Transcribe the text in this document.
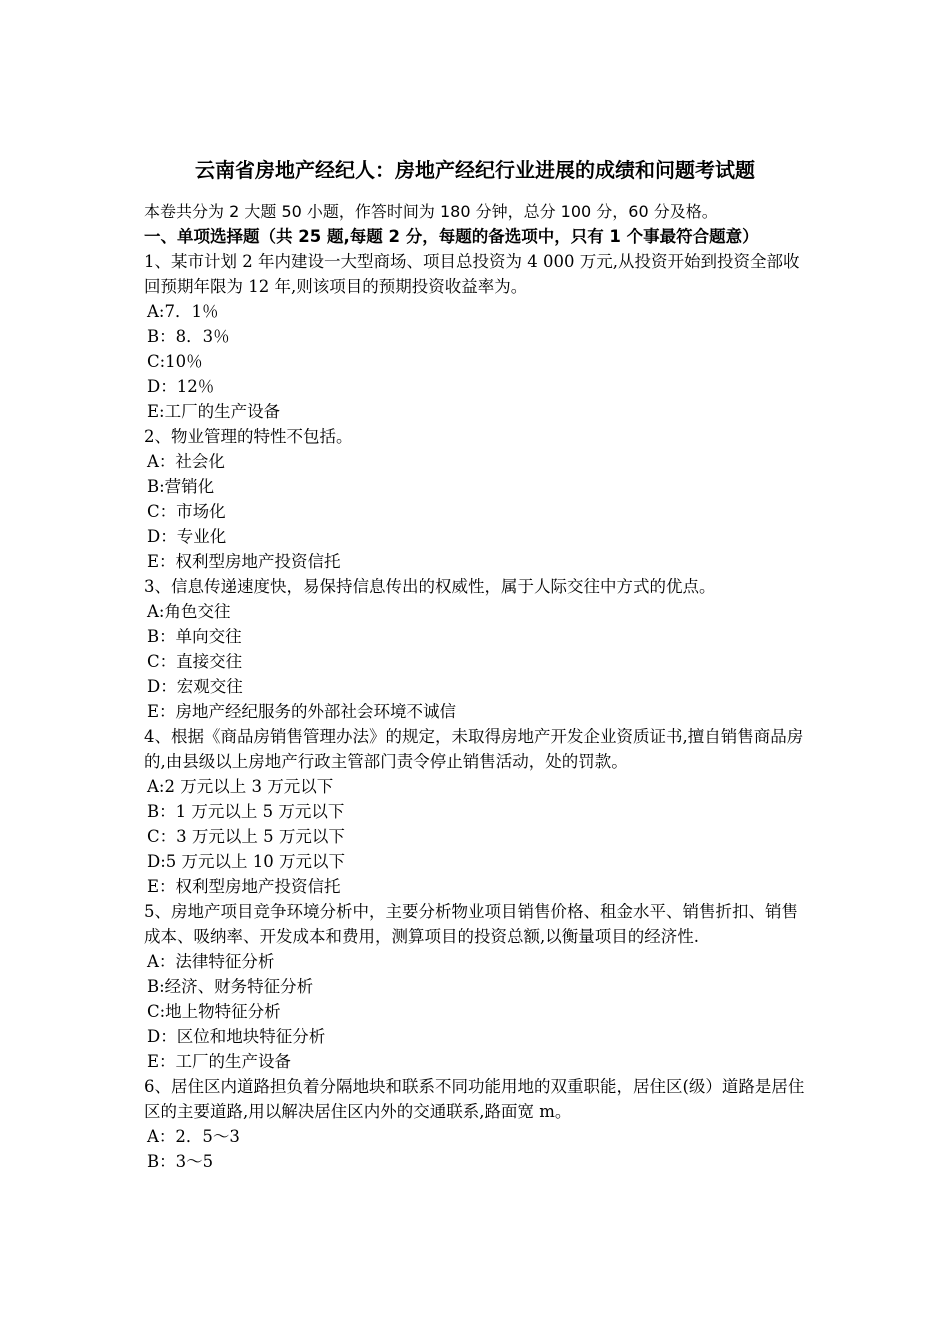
云南省房地产经纪人：房地产经纪行业进展的成绩和问题考试题
本卷共分为 2 大题 50 小题，作答时间为 180 分钟，总分 100 分，60 分及格。
一、单项选择题（共 25 题,每题 2 分，每题的备选项中，只有 1 个事最符合题意）
1、某市计划 2 年内建设一大型商场、项目总投资为 4 000 万元,从投资开始到投资全部收回预期年限为 12 年,则该项目的预期投资收益率为。
A:7．1％
B：8．3％
C:10％
D：12％
E:工厂的生产设备
2、物业管理的特性不包括。
A：社会化
B:营销化
C：市场化
D：专业化
E：权利型房地产投资信托
3、信息传递速度快，易保持信息传出的权威性，属于人际交往中方式的优点。
A:角色交往
B：单向交往
C：直接交往
D：宏观交往
E：房地产经纪服务的外部社会环境不诚信
4、根据《商品房销售管理办法》的规定，未取得房地产开发企业资质证书,擅自销售商品房的,由县级以上房地产行政主管部门责令停止销售活动，处的罚款。
A:2 万元以上 3 万元以下
B：1 万元以上 5 万元以下
C：3 万元以上 5 万元以下
D:5 万元以上 10 万元以下
E：权利型房地产投资信托
5、房地产项目竞争环境分析中，主要分析物业项目销售价格、租金水平、销售折扣、销售成本、吸纳率、开发成本和费用，测算项目的投资总额,以衡量项目的经济性.
A：法律特征分析
B:经济、财务特征分析
C:地上物特征分析
D：区位和地块特征分析
E：工厂的生产设备
6、居住区内道路担负着分隔地块和联系不同功能用地的双重职能，居住区(级）道路是居住区的主要道路,用以解决居住区内外的交通联系,路面宽 m。
A：2．5～3
B：3～5
